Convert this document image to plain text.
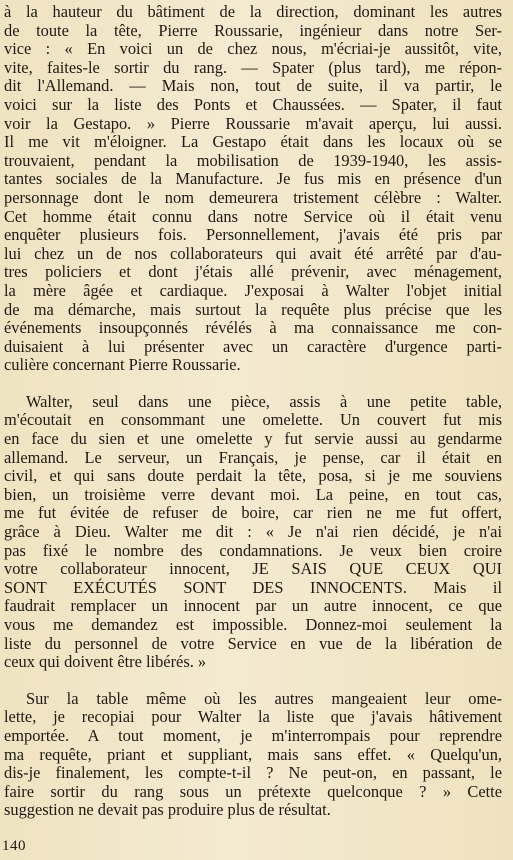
à la hauteur du bâtiment de la direction, dominant les autres
de toute la tête, Pierre Roussarie, ingénieur dans notre Ser-
vice : « En voici un de chez nous, m'écriai-je aussitôt, vite,
vite, faites-le sortir du rang. — Spater (plus tard), me répon-
dit l'Allemand. — Mais non, tout de suite, il va partir, le
voici sur la liste des Ponts et Chaussées. — Spater, il faut
voir la Gestapo. » Pierre Roussarie m'avait aperçu, lui aussi.
Il me vit m'éloigner. La Gestapo était dans les locaux où se
trouvaient, pendant la mobilisation de 1939-1940, les assis-
tantes sociales de la Manufacture. Je fus mis en présence d'un
personnage dont le nom demeurera tristement célèbre : Walter.
Cet homme était connu dans notre Service où il était venu
enquêter plusieurs fois. Personnellement, j'avais été pris par
lui chez un de nos collaborateurs qui avait été arrêté par d'au-
tres policiers et dont j'étais allé prévenir, avec ménagement,
la mère âgée et cardiaque. J'exposai à Walter l'objet initial
de ma démarche, mais surtout la requête plus précise que les
événements insoupçonnés révélés à ma connaissance me con-
duisaient à lui présenter avec un caractère d'urgence parti-
culière concernant Pierre Roussarie.
Walter, seul dans une pièce, assis à une petite table,
m'écoutait en consommant une omelette. Un couvert fut mis
en face du sien et une omelette y fut servie aussi au gendarme
allemand. Le serveur, un Français, je pense, car il était en
civil, et qui sans doute perdait la tête, posa, si je me souviens
bien, un troisième verre devant moi. La peine, en tout cas,
me fut évitée de refuser de boire, car rien ne me fut offert,
grâce à Dieu. Walter me dit : « Je n'ai rien décidé, je n'ai
pas fixé le nombre des condamnations. Je veux bien croire
votre collaborateur innocent, JE SAIS QUE CEUX QUI
SONT EXÉCUTÉS SONT DES INNOCENTS. Mais il
faudrait remplacer un innocent par un autre innocent, ce que
vous me demandez est impossible. Donnez-moi seulement la
liste du personnel de votre Service en vue de la libération de
ceux qui doivent être libérés. »
Sur la table même où les autres mangeaient leur ome-
lette, je recopiai pour Walter la liste que j'avais hâtivement
emportée. A tout moment, je m'interrompais pour reprendre
ma requête, priant et suppliant, mais sans effet. « Quelqu'un,
dis-je finalement, les compte-t-il ? Ne peut-on, en passant, le
faire sortir du rang sous un prétexte quelconque ? » Cette
suggestion ne devait pas produire plus de résultat.
140
